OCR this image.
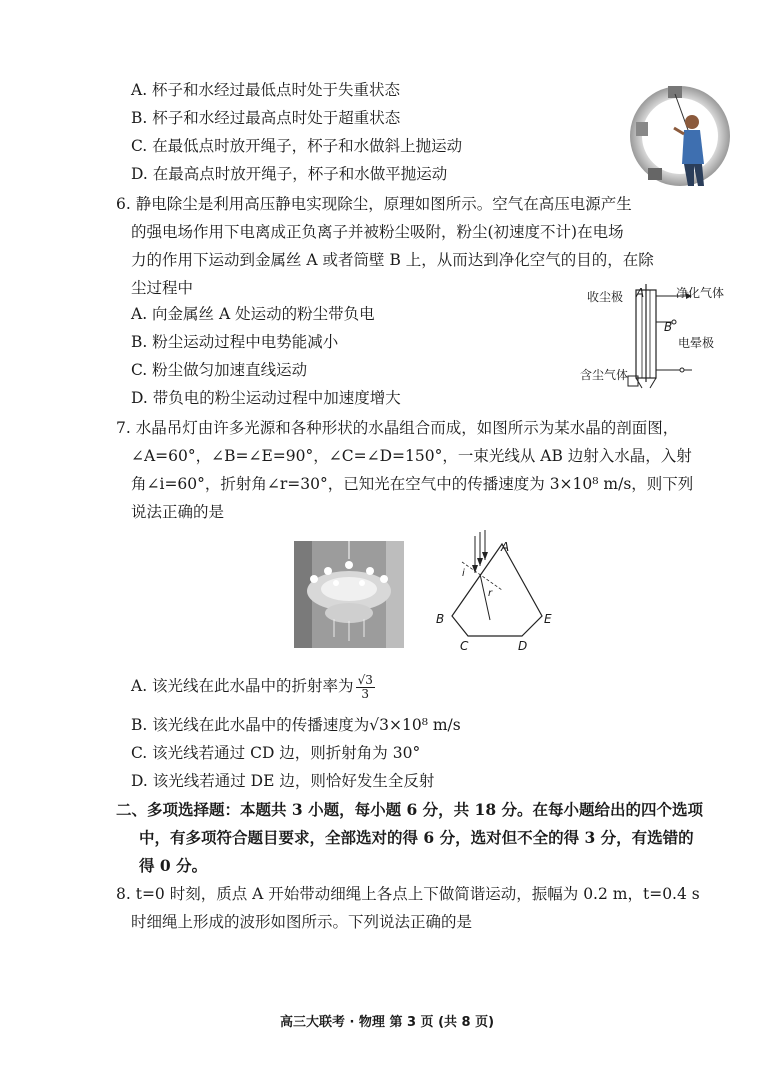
A. 杯子和水经过最低点时处于失重状态
B. 杯子和水经过最高点时处于超重状态
C. 在最低点时放开绳子，杯子和水做斜上抛运动
D. 在最高点时放开绳子，杯子和水做平抛运动
6. 静电除尘是利用高压静电实现除尘，原理如图所示。空气在高压电源产生
的强电场作用下电离成正负离子并被粉尘吸附，粉尘(初速度不计)在电场
力的作用下运动到金属丝 A 或者筒壁 B 上，从而达到净化空气的目的，在除
尘过程中
A. 向金属丝 A 处运动的粉尘带负电
B. 粉尘运动过程中电势能减小
C. 粉尘做匀加速直线运动
D. 带负电的粉尘运动过程中加速度增大
收尘极 A	净化气体
B
电晕极
含尘气体
7. 水晶吊灯由许多光源和各种形状的水晶组合而成，如图所示为某水晶的剖面图，
∠A=60°，∠B=∠E=90°，∠C=∠D=150°，一束光线从 AB 边射入水晶，入射
角∠i=60°，折射角∠r=30°，已知光在空气中的传播速度为 3×10⁸ m/s，则下列
说法正确的是
A
B
C	D
E
i
r
A. 该光线在此水晶中的折射率为 $\frac{√3}{3}$
B. 该光线在此水晶中的传播速度为√3×10⁸ m/s
C. 该光线若通过 CD 边，则折射角为 30°
D. 该光线若通过 DE 边，则恰好发生全反射
二、多项选择题：本题共 3 小题，每小题 6 分，共 18 分。在每小题给出的四个选项
中，有多项符合题目要求，全部选对的得 6 分，选对但不全的得 3 分，有选错的
得 0 分。
8. t=0 时刻，质点 A 开始带动细绳上各点上下做简谐运动，振幅为 0.2 m，t=0.4 s
时细绳上形成的波形如图所示。下列说法正确的是
高三大联考 · 物理 第 3 页 (共 8 页)
